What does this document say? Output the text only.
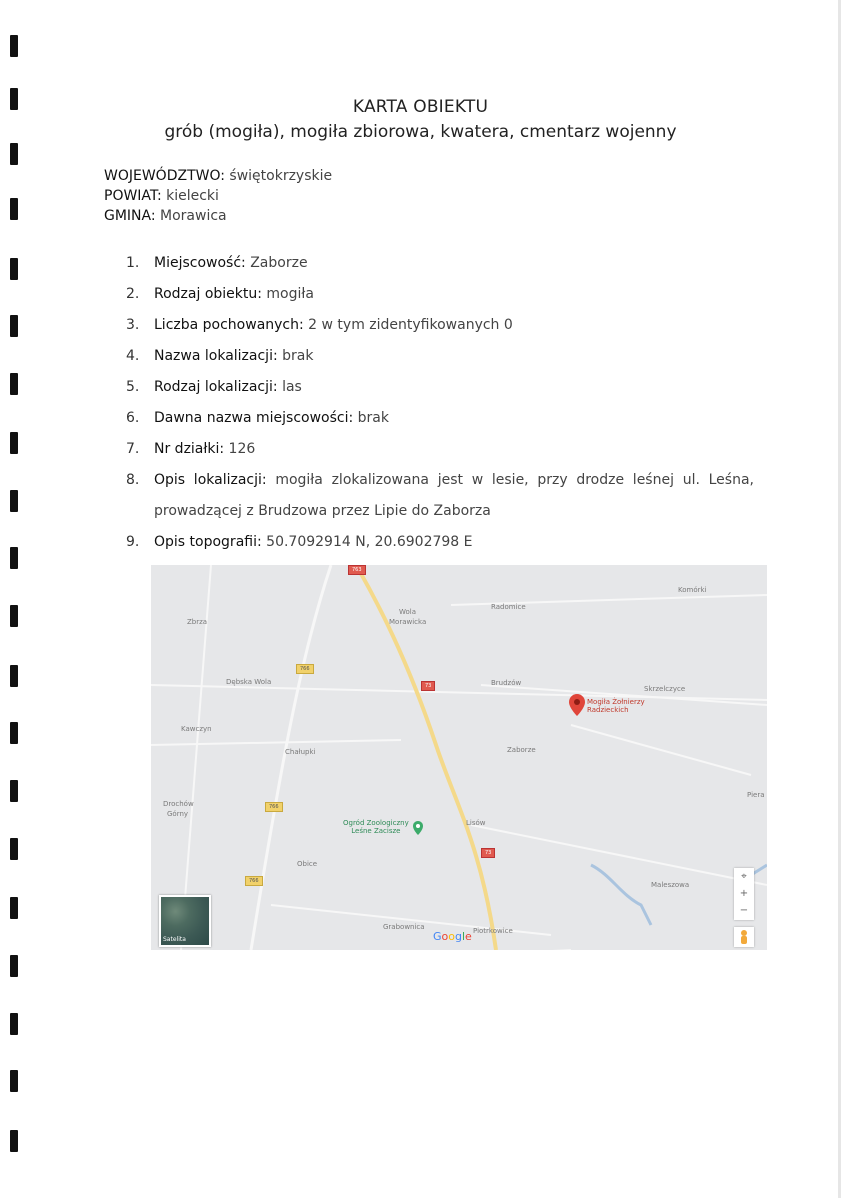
KARTA OBIEKTU
grób (mogiła), mogiła zbiorowa, kwatera, cmentarz wojenny
WOJEWÓDZTWO: świętokrzyskie
POWIAT: kielecki
GMINA: Morawica
1. Miejscowość: Zaborze
2. Rodzaj obiektu: mogiła
3. Liczba pochowanych: 2 w tym zidentyfikowanych 0
4. Nazwa lokalizacji: brak
5. Rodzaj lokalizacji: las
6. Dawna nazwa miejscowości: brak
7. Nr działki: 126
8. Opis lokalizacji: mogiła zlokalizowana jest w lesie, przy drodze leśnej ul. Leśna, prowadzącej z Brudzowa przez Lipie do Zaborza
9. Opis topografii: 50.7092914 N, 20.6902798 E
Zbrza
Wola
Morawicka
Radomice
Komórki
Dębska Wola	Brudzów
Skrzelczyce
Kawczyn
Chałupki	Zaborze
Drochów
Górny
Lisów
Piera
Obice
Maleszowa
Grabownica	Piotrkowice
763
766
766
766
73
73
Mogiła Żołnierzy
Radzieckich
Ogród Zoologiczny
Leśne Zacisze
Satelita
⌖
+
−
Google
